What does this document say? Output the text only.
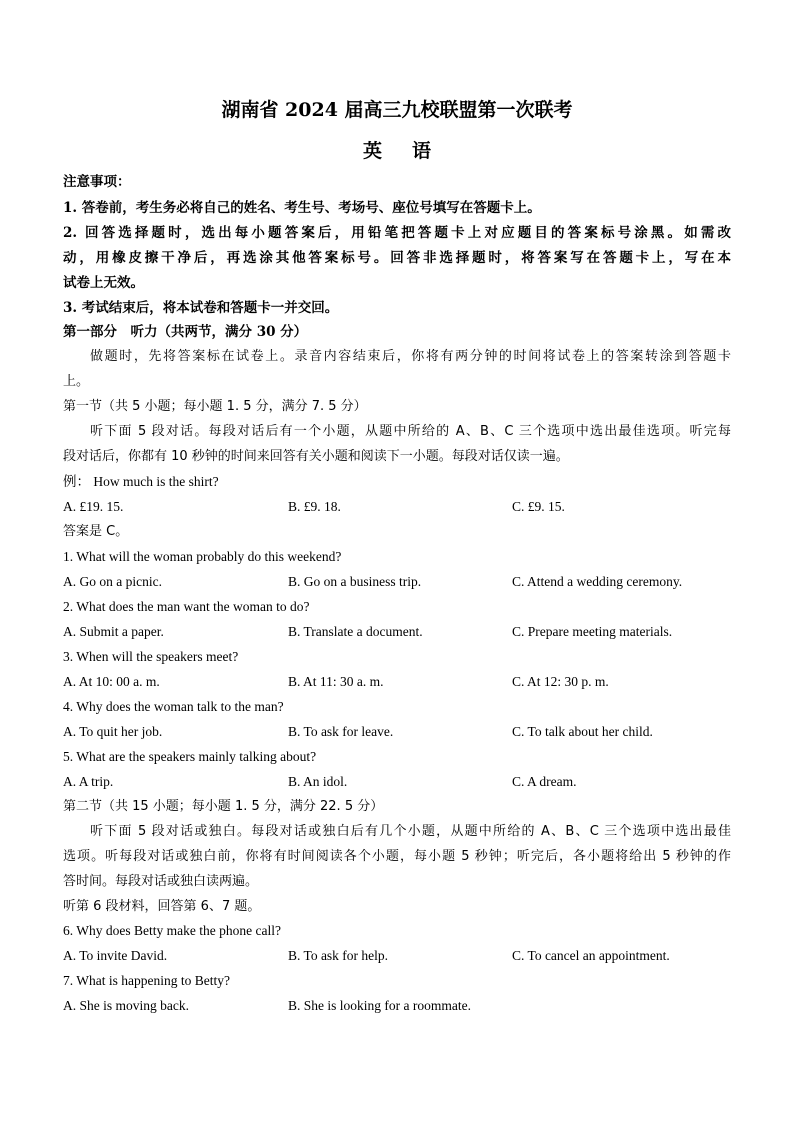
湖南省 2024 届高三九校联盟第一次联考
英语
注意事项：
1. 答卷前，考生务必将自己的姓名、考生号、考场号、座位号填写在答题卡上。
2. 回答选择题时，选出每小题答案后，用铅笔把答题卡上对应题目的答案标号涂黑。如需改
动，用橡皮擦干净后，再选涂其他答案标号。回答非选择题时，将答案写在答题卡上，写在本
试卷上无效。
3. 考试结束后，将本试卷和答题卡一并交回。
第一部分　听力（共两节，满分 30 分）
做题时，先将答案标在试卷上。录音内容结束后，你将有两分钟的时间将试卷上的答案转涂到答题卡
上。
第一节（共 5 小题；每小题 1. 5 分，满分 7. 5 分）
听下面 5 段对话。每段对话后有一个小题，从题中所给的 A、B、C 三个选项中选出最佳选项。听完每
段对话后，你都有 10 秒钟的时间来回答有关小题和阅读下一小题。每段对话仅读一遍。
例： How much is the shirt?
A. £19. 15.	B. £9. 18.	C. £9. 15.
答案是 C。
1. What will the woman probably do this weekend?
A. Go on a picnic.	B. Go on a business trip.	C. Attend a wedding ceremony.
2. What does the man want the woman to do?
A. Submit a paper.	B. Translate a document.	C. Prepare meeting materials.
3. When will the speakers meet?
A. At 10: 00 a. m.	B. At 11: 30 a. m.	C. At 12: 30 p. m.
4. Why does the woman talk to the man?
A. To quit her job.	B. To ask for leave.	C. To talk about her child.
5. What are the speakers mainly talking about?
A. A trip.	B. An idol.	C. A dream.
第二节（共 15 小题；每小题 1. 5 分，满分 22. 5 分）
听下面 5 段对话或独白。每段对话或独白后有几个小题，从题中所给的 A、B、C 三个选项中选出最佳
选项。听每段对话或独白前，你将有时间阅读各个小题，每小题 5 秒钟；听完后，各小题将给出 5 秒钟的作
答时间。每段对话或独白读两遍。
听第 6 段材料，回答第 6、7 题。
6. Why does Betty make the phone call?
A. To invite David.	B. To ask for help.	C. To cancel an appointment.
7. What is happening to Betty?
A. She is moving back.	B. She is looking for a roommate.
